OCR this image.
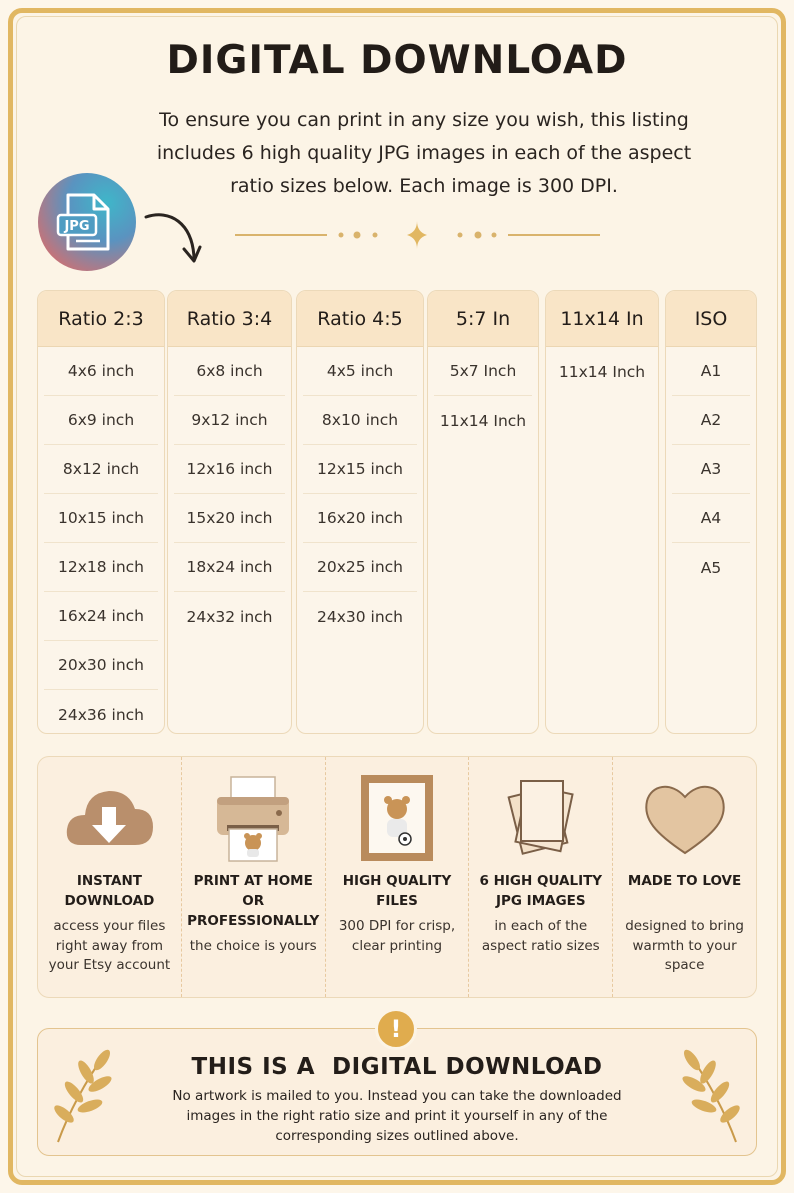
DIGITAL DOWNLOAD

To ensure you can print in any size you wish, this listing includes 6 high quality JPG images in each of the aspect ratio sizes below. Each image is 300 DPI.

JPG
Ratio 2:3
4x6 inch
6x9 inch
8x12 inch
10x15 inch
12x18 inch
16x24 inch
20x30 inch
24x36 inch
Ratio 3:4
6x8 inch
9x12 inch
12x16 inch
15x20 inch
18x24 inch
24x32 inch
Ratio 4:5
4x5 inch
8x10 inch
12x15 inch
16x20 inch
20x25 inch
24x30 inch
5:7 In
5x7 Inch
11x14 Inch
11x14 In
11x14 Inch
ISO
A1
A2
A3
A4
A5
INSTANT DOWNLOAD
access your files right away from your Etsy account
PRINT AT HOME OR PROFESSIONALLY
the choice is yours
HIGH QUALITY FILES
300 DPI for crisp, clear printing
6 HIGH QUALITY JPG IMAGES
in each of the aspect ratio sizes
MADE TO LOVE
designed to bring warmth to your space
!
THIS IS A  DIGITAL DOWNLOAD
No artwork is mailed to you. Instead you can take the downloaded images in the right ratio size and print it yourself in any of the corresponding sizes outlined above.
